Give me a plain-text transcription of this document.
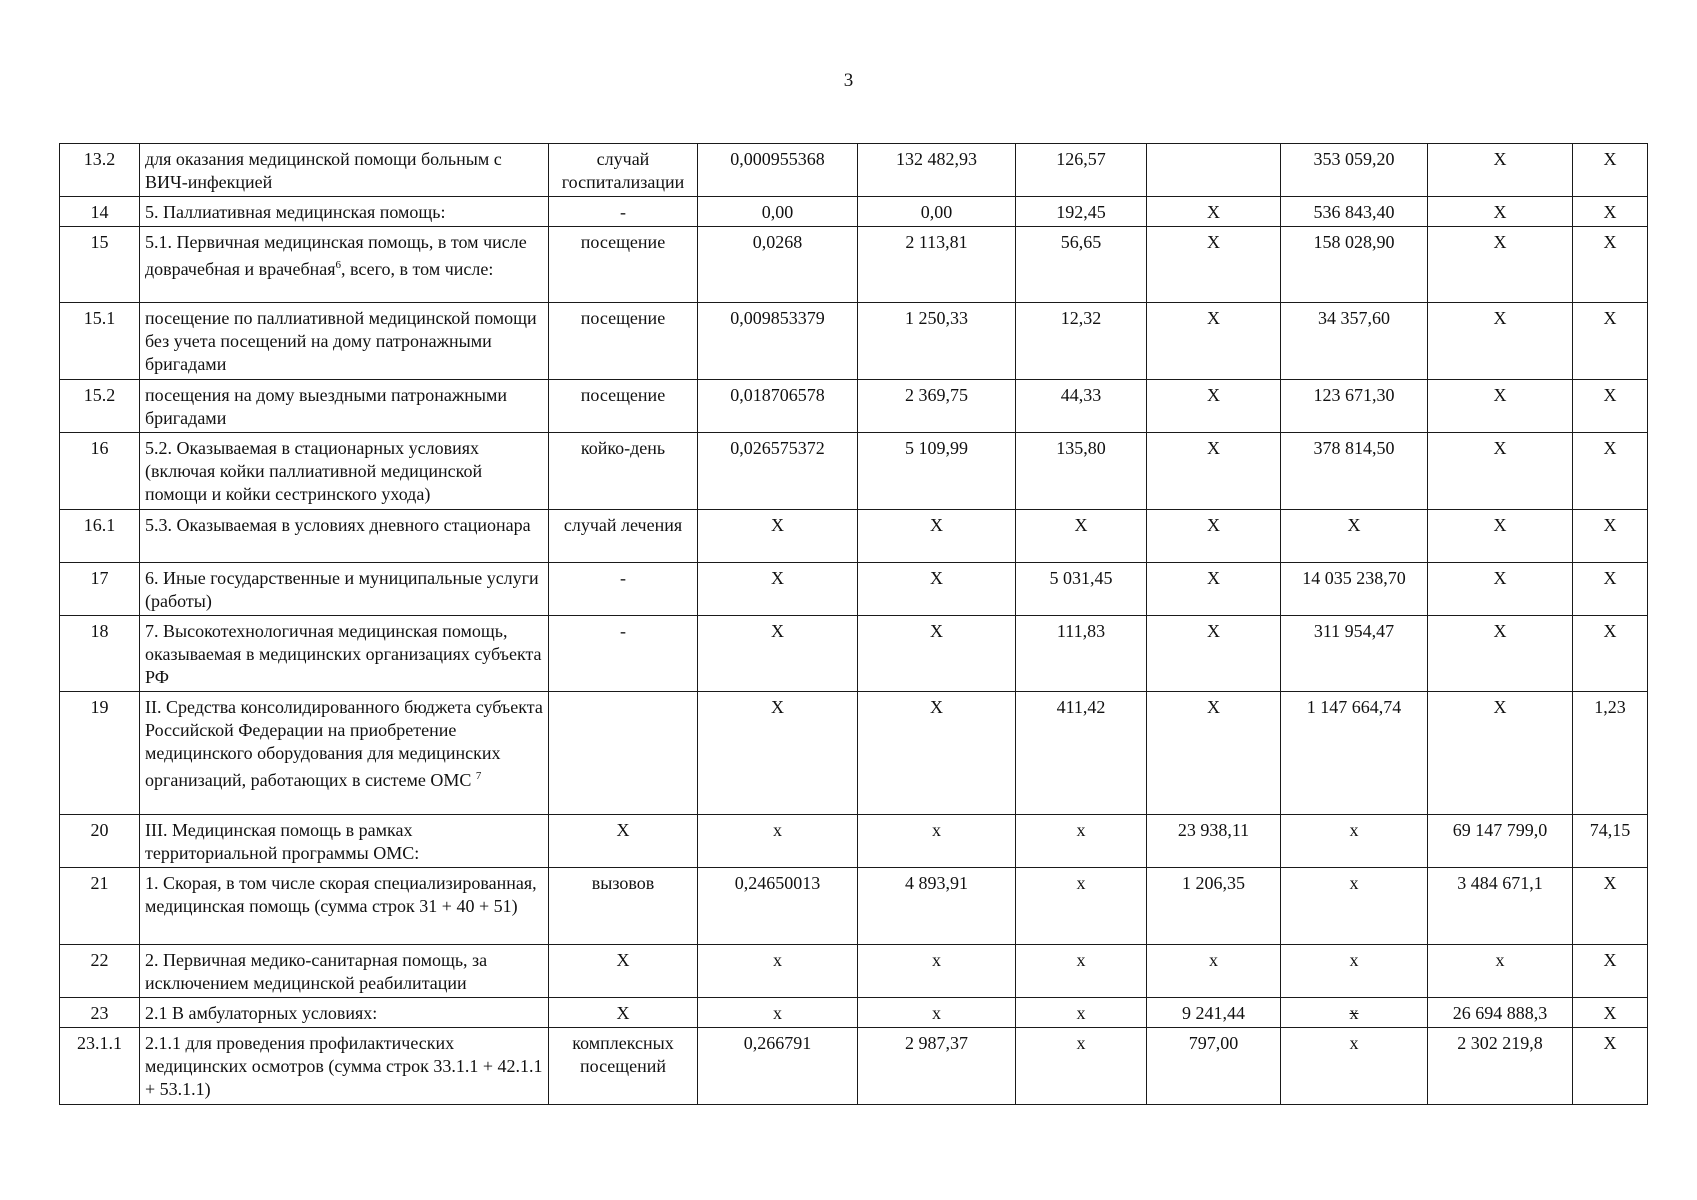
3
13.2	для оказания медицинской помощи больным с ВИЧ-инфекцией	случай госпитализации	0,000955368	132 482,93	126,57		353 059,20	Х	Х
14	5. Паллиативная медицинская помощь:	-	0,00	0,00	192,45	Х	536 843,40	Х	Х
15	5.1. Первичная медицинская помощь, в том числе доврачебная и врачебная$^6$, всего, в том числе:	посещение	0,0268	2 113,81	56,65	Х	158 028,90	Х	Х
15.1	посещение по паллиативной медицинской помощи без учета посещений на дому патронажными бригадами	посещение	0,009853379	1 250,33	12,32	Х	34 357,60	Х	Х
15.2	посещения на дому выездными патронажными бригадами	посещение	0,018706578	2 369,75	44,33	Х	123 671,30	Х	Х
16	5.2. Оказываемая в стационарных условиях (включая койки паллиативной медицинской помощи и койки сестринского ухода)	койко-день	0,026575372	5 109,99	135,80	Х	378 814,50	Х	Х
16.1	5.3. Оказываемая в условиях дневного стационара	случай лечения	Х	Х	Х	Х	Х	Х	Х
17	6. Иные государственные и муниципальные услуги (работы)	-	Х	Х	5 031,45	Х	14 035 238,70	Х	Х
18	7. Высокотехнологичная медицинская помощь, оказываемая в медицинских организациях субъекта РФ	-	Х	Х	111,83	Х	311 954,47	Х	Х
19	II. Средства консолидированного бюджета субъекта Российской Федерации на приобретение медицинского оборудования для медицинских организаций, работающих в системе ОМС $^7$		Х	Х	411,42	Х	1 147 664,74	Х	1,23
20	III. Медицинская помощь в рамках территориальной программы ОМС:	Х	х	х	х	23 938,11	х	69 147 799,0	74,15
21	1. Скорая, в том числе скорая специализированная, медицинская помощь (сумма строк 31 + 40 + 51)	вызовов	0,24650013	4 893,91	х	1 206,35	х	3 484 671,1	Х
22	2. Первичная медико-санитарная помощь, за исключением медицинской реабилитации	Х	х	х	х	х	х	х	Х
23	2.1 В амбулаторных условиях:	Х	х	х	х	9 241,44	х	26 694 888,3	Х
23.1.1	2.1.1 для проведения профилактических медицинских осмотров (сумма строк 33.1.1 + 42.1.1 + 53.1.1)	комплексных посещений	0,266791	2 987,37	х	797,00	х	2 302 219,8	Х
